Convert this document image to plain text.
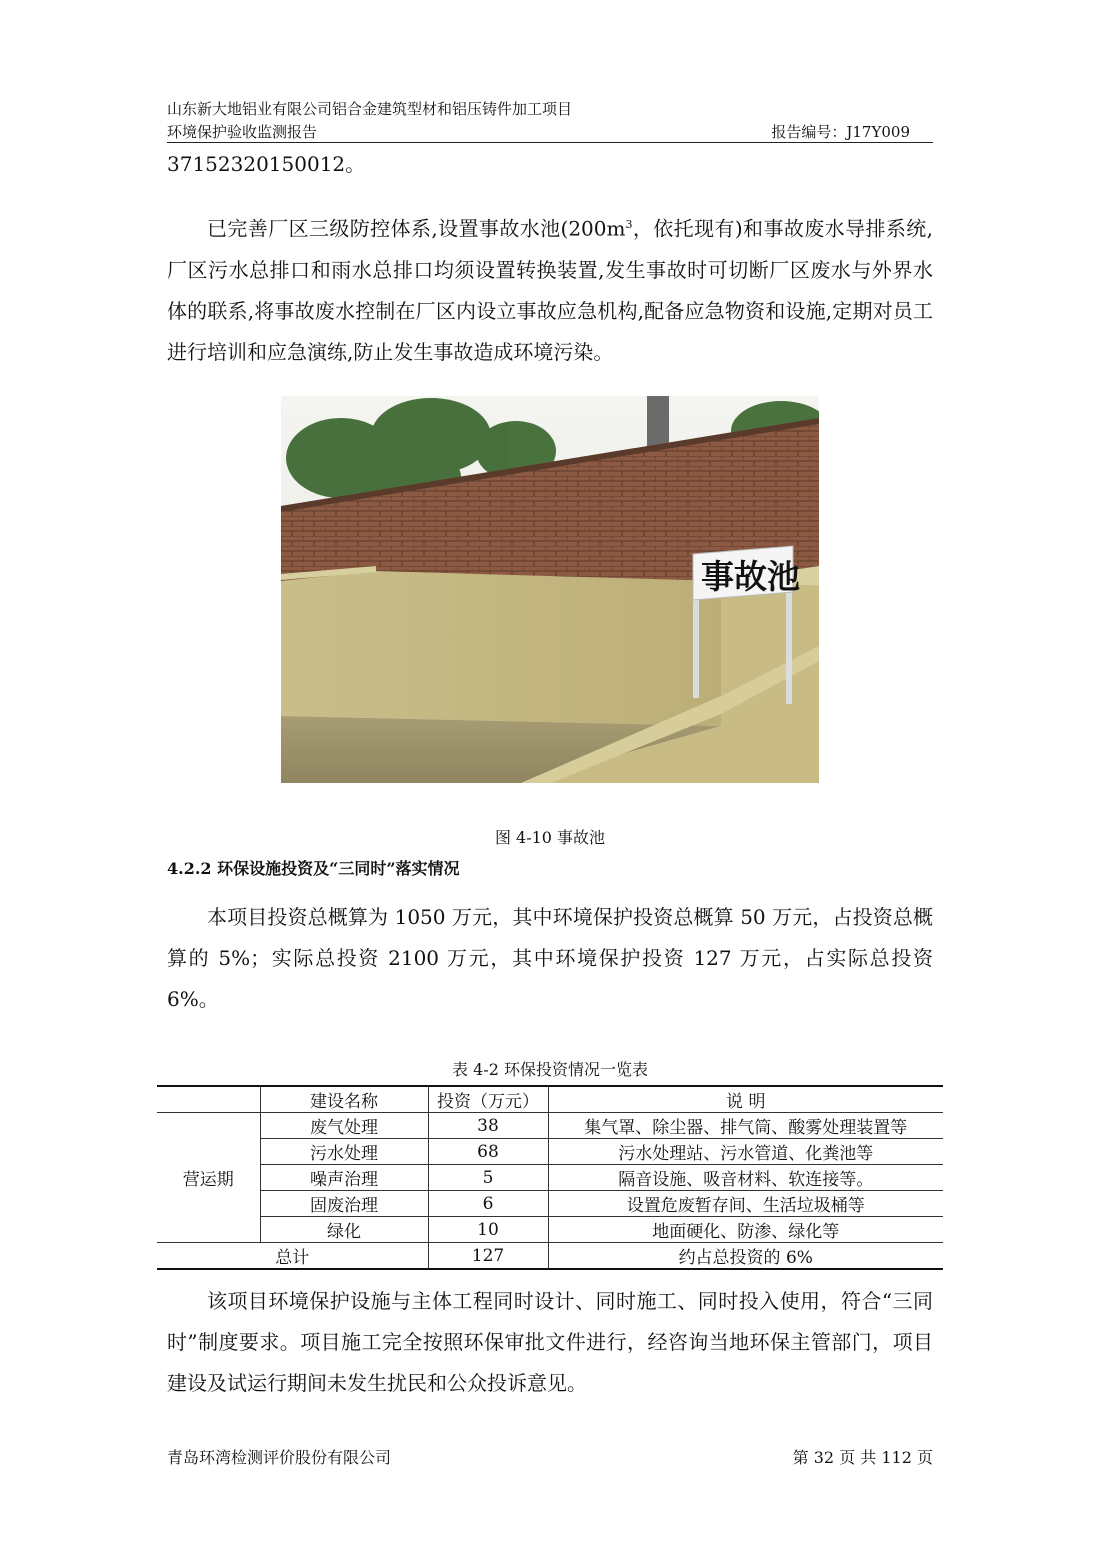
山东新大地铝业有限公司铝合金建筑型材和铝压铸件加工项目
环境保护验收监测报告	报告编号：J17Y009
37152320150012。
已完善厂区三级防控体系,设置事故水池($200m^3$，依托现有)和事故废水导排系统,厂区污水总排口和雨水总排口均须设置转换装置,发生事故时可切断厂区废水与外界水体的联系,将事故废水控制在厂区内设立事故应急机构,配备应急物资和设施,定期对员工进行培训和应急演练,防止发生事故造成环境污染。
事故池
图 4-10 事故池
4.2.2 环保设施投资及“三同时”落实情况
本项目投资总概算为 1050 万元，其中环境保护投资总概算 50 万元，占投资总概算的 5%；实际总投资 2100 万元，其中环境保护投资 127 万元，占实际总投资 6%。
表 4-2 环保投资情况一览表
	建设名称	投资（万元）	说 明
营运期	废气处理	38	集气罩、除尘器、排气筒、酸雾处理装置等
	污水处理	68	污水处理站、污水管道、化粪池等
	噪声治理	5	隔音设施、吸音材料、软连接等。
	固废治理	6	设置危废暂存间、生活垃圾桶等
	绿化	10	地面硬化、防渗、绿化等
总计		127	约占总投资的 6%
该项目环境保护设施与主体工程同时设计、同时施工、同时投入使用，符合“三同时”制度要求。项目施工完全按照环保审批文件进行，经咨询当地环保主管部门，项目建设及试运行期间未发生扰民和公众投诉意见。
青岛环湾检测评价股份有限公司	第 32 页 共 112 页
